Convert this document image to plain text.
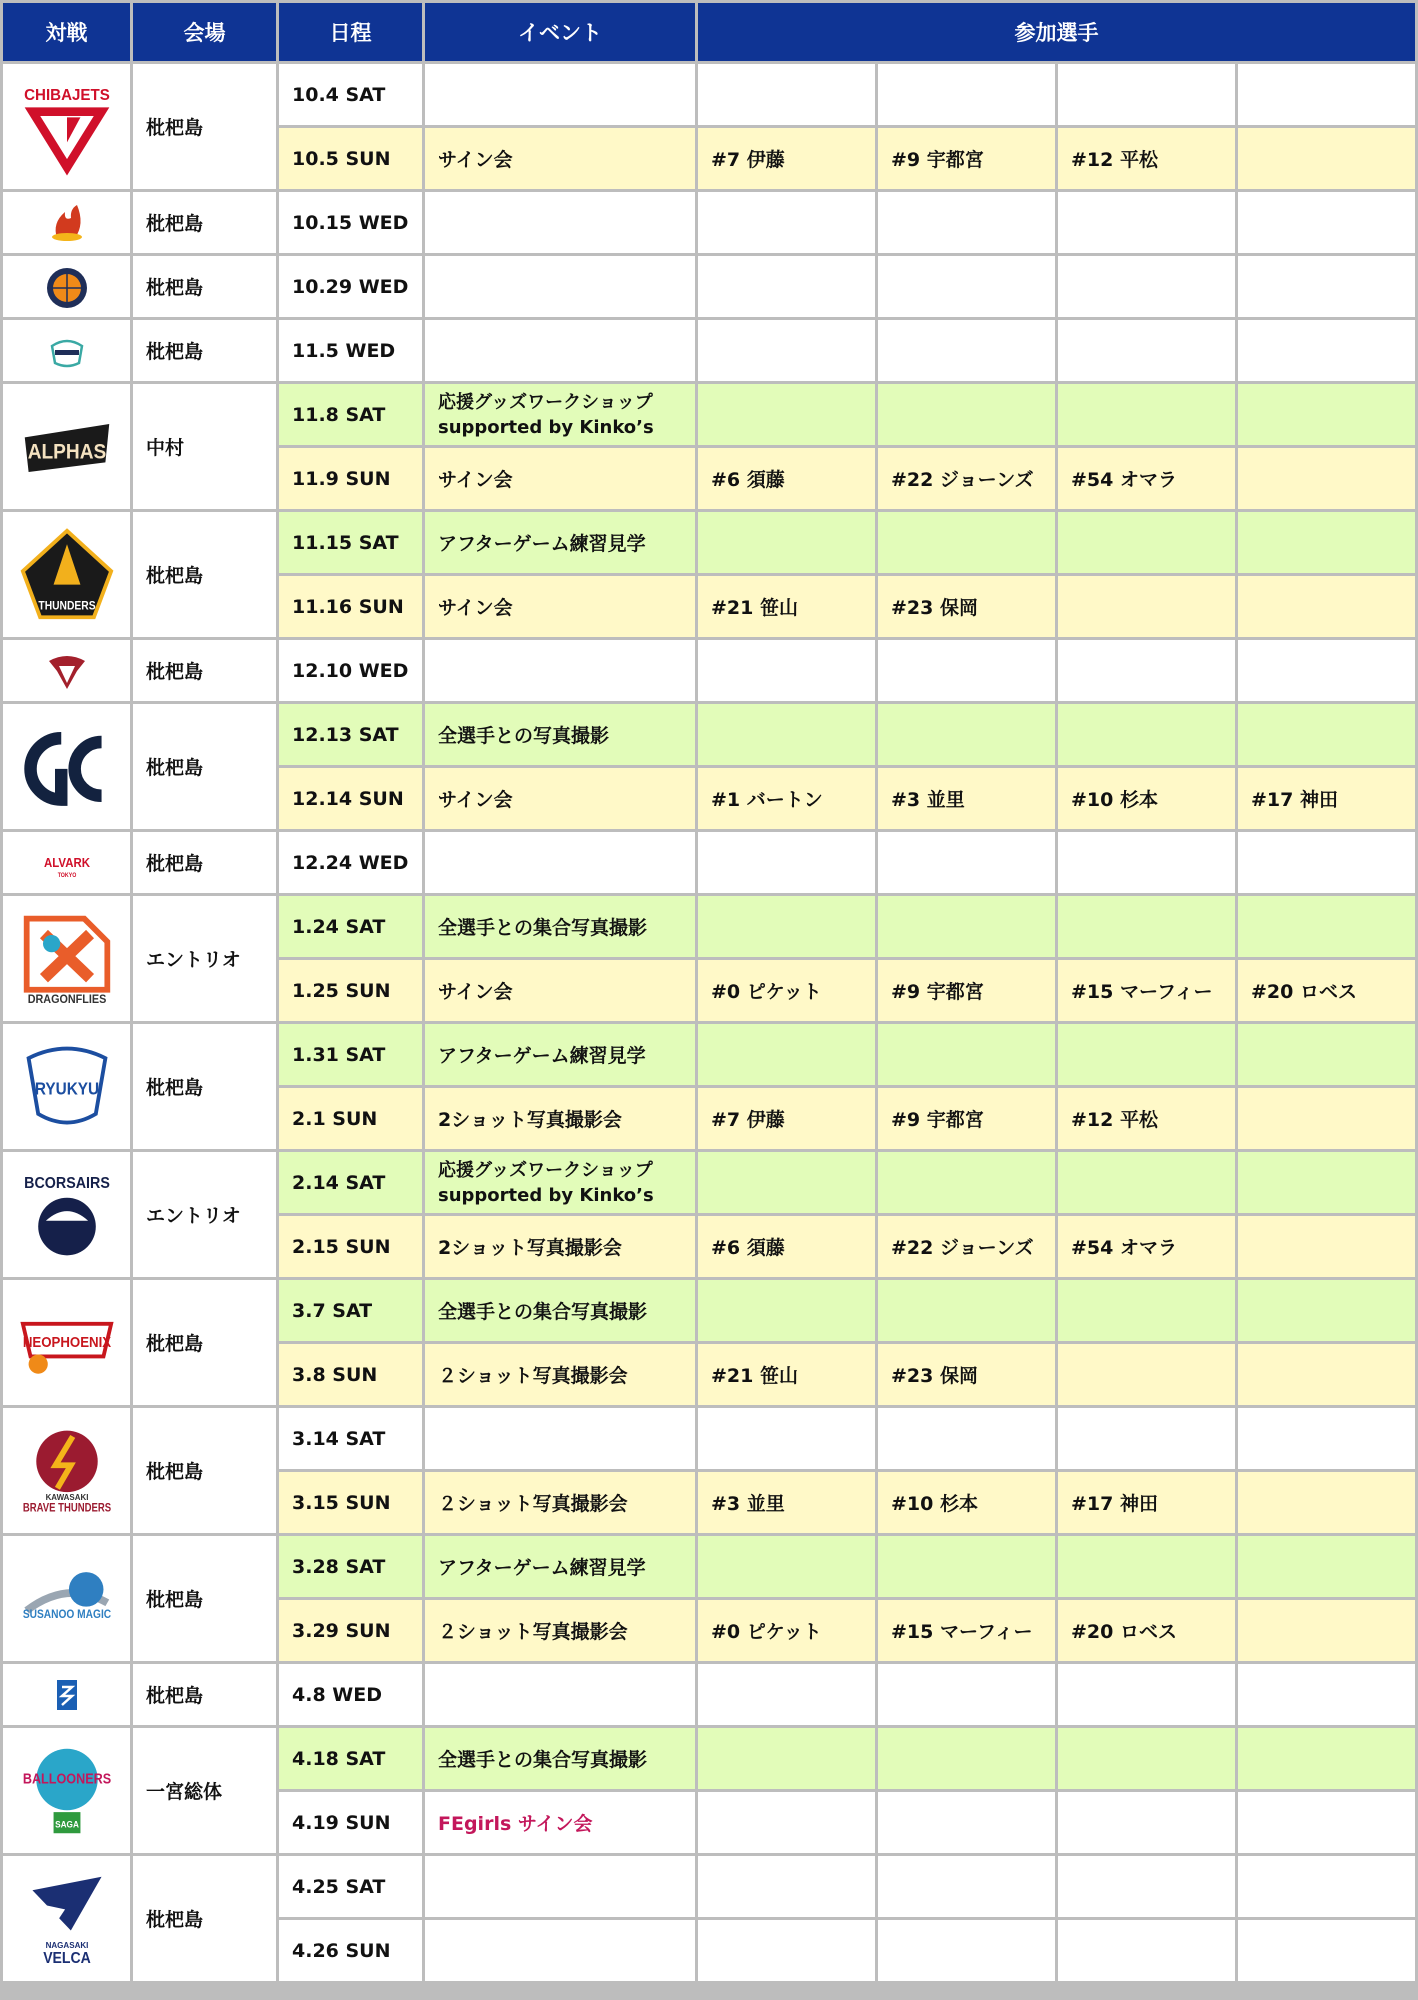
対戦	会場	日程	イベント	参加選手			

CHIBAJETS	枇杷島	10.4 SAT					
		10.5 SUN	サイン会	#7 伊藤	#9 宇都宮	#12 平松	

	枇杷島	10.15 WED					

	枇杷島	10.29 WED					

	枇杷島	11.5 WED					

ALPHAS	中村	11.8 SAT	応援グッズワークショップ
supported by Kinko’s				
		11.9 SUN	サイン会	#6 須藤	#22 ジョーンズ	#54 オマラ	

THUNDERS	枇杷島	11.15 SAT	アフターゲーム練習見学				
		11.16 SUN	サイン会	#21 笹山	#23 保岡		

	枇杷島	12.10 WED					

	枇杷島	12.13 SAT	全選手との写真撮影				
		12.14 SUN	サイン会	#1 バートン	#3 並里	#10 杉本	#17 神田

ALVARK
TOKYO	枇杷島	12.24 WED					

DRAGONFLIES	エントリオ	1.24 SAT	全選手との集合写真撮影				
		1.25 SUN	サイン会	#0 ピケット	#9 宇都宮	#15 マーフィー	#20 ロベス

RYUKYU	枇杷島	1.31 SAT	アフターゲーム練習見学				
		2.1 SUN	2ショット写真撮影会	#7 伊藤	#9 宇都宮	#12 平松	

BCORSAIRS	エントリオ	2.14 SAT	応援グッズワークショップ
supported by Kinko’s				
		2.15 SUN	2ショット写真撮影会	#6 須藤	#22 ジョーンズ	#54 オマラ	

NEOPHOENIX	枇杷島	3.7 SAT	全選手との集合写真撮影				
		3.8 SUN	２ショット写真撮影会	#21 笹山	#23 保岡		

BRAVE THUNDERS
KAWASAKI	枇杷島	3.14 SAT					
		3.15 SUN	２ショット写真撮影会	#3 並里	#10 杉本	#17 神田	

SUSANOO MAGIC	枇杷島	3.28 SAT	アフターゲーム練習見学				
		3.29 SUN	２ショット写真撮影会	#0 ピケット	#15 マーフィー	#20 ロベス	

	枇杷島	4.8 WED					

BALLOONERS
SAGA	一宮総体	4.18 SAT	全選手との集合写真撮影				
		4.19 SUN	FEgirls サイン会				

NAGASAKI
VELCA	枇杷島	4.25 SAT					
		4.26 SUN					
